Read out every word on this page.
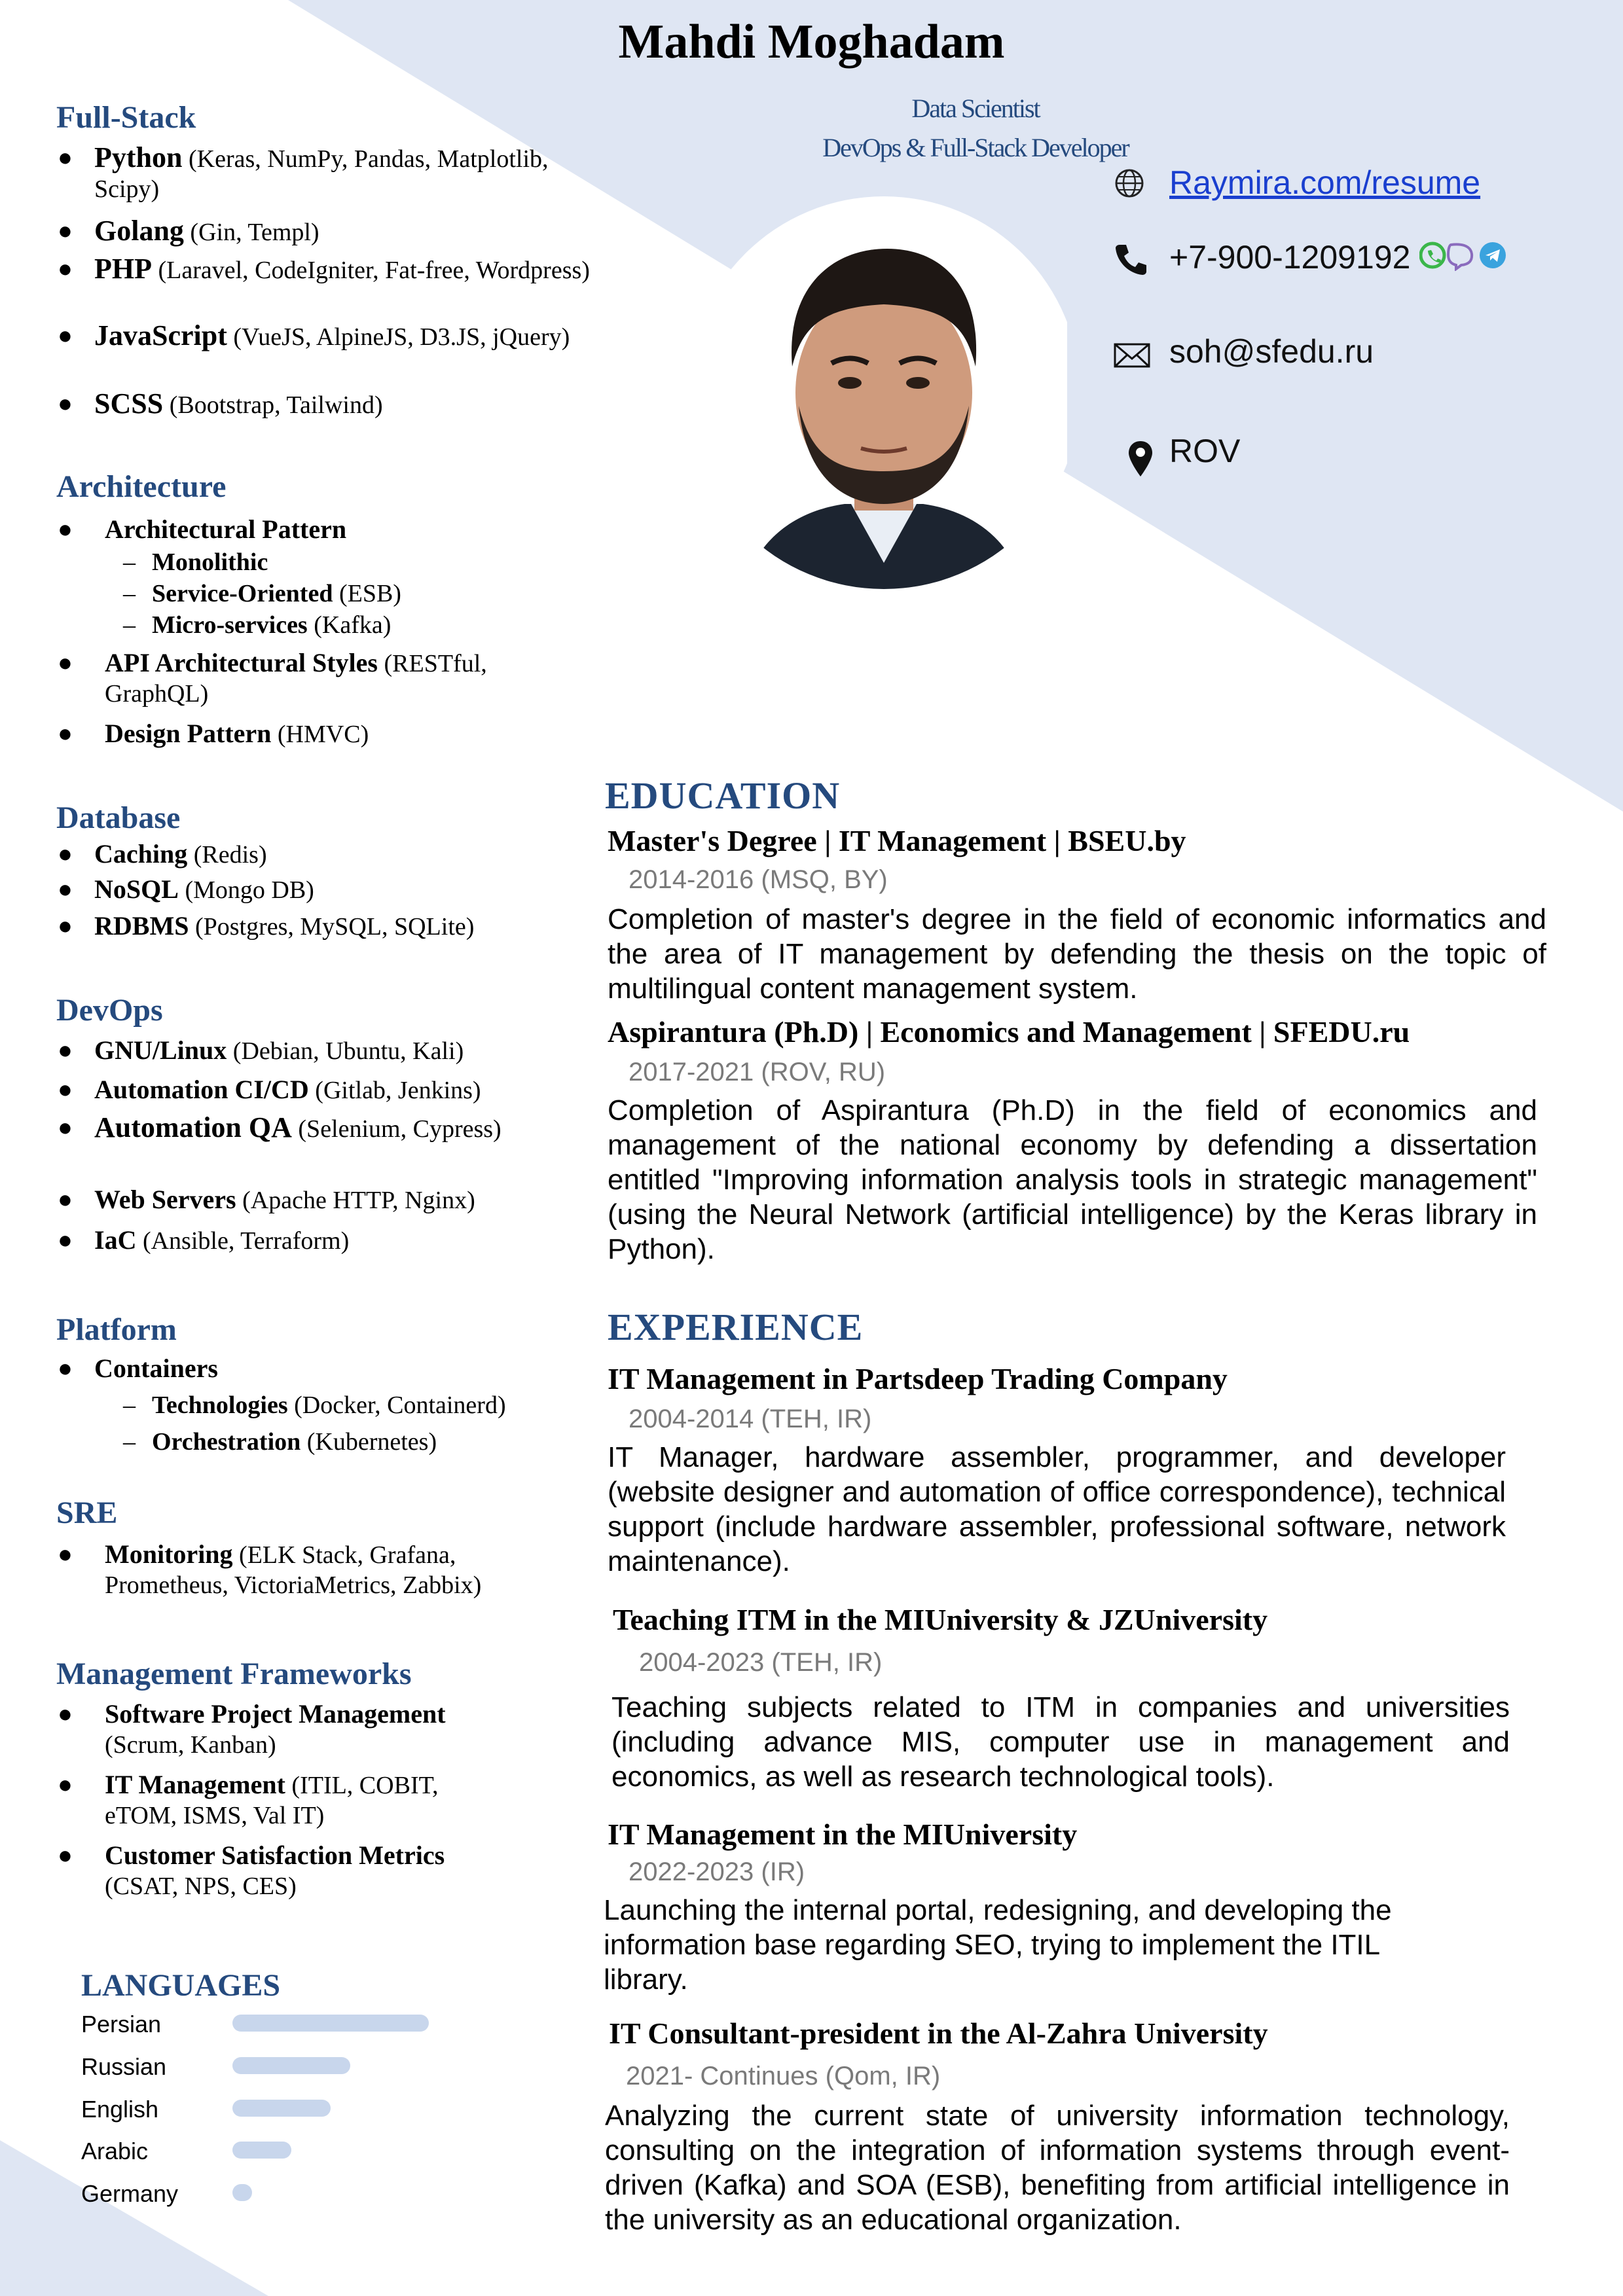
Mahdi Moghadam
Data Scientist
DevOps & Full-Stack Developer
Raymira.com/resume
+7-900-1209192
soh@sfedu.ru
ROV
Full-Stack
● Python (Keras, NumPy, Pandas, Matplotlib, Scipy)
● Golang (Gin, Templ)
● PHP (Laravel, CodeIgniter, Fat-free, Wordpress)
● JavaScript (VueJS, AlpineJS, D3.JS, jQuery)
● SCSS (Bootstrap, Tailwind)
Architecture
● Architectural Pattern
– Monolithic
– Service-Oriented (ESB)
– Micro-services (Kafka)
● API Architectural Styles (RESTful, GraphQL)
● Design Pattern (HMVC)
Database
● Caching (Redis)
● NoSQL (Mongo DB)
● RDBMS (Postgres, MySQL, SQLite)
DevOps
● GNU/Linux (Debian, Ubuntu, Kali)
● Automation CI/CD (Gitlab, Jenkins)
● Automation QA (Selenium, Cypress)
● Web Servers (Apache HTTP, Nginx)
● IaC (Ansible, Terraform)
Platform
● Containers
– Technologies (Docker, Containerd)
– Orchestration (Kubernetes)
SRE
● Monitoring (ELK Stack, Grafana, Prometheus, VictoriaMetrics, Zabbix)
Management Frameworks
● Software Project Management
(Scrum, Kanban)
● IT Management (ITIL, COBIT, eTOM, ISMS, Val IT)
● Customer Satisfaction Metrics
(CSAT, NPS, CES)
LANGUAGES
Persian
Russian
English
Arabic
Germany
EDUCATION
Master's Degree | IT Management | BSEU.by
2014-2016 (MSQ, BY)
Completion of master's degree in the field of economic informatics and the area of IT management by defending the thesis on the topic of multilingual content management system.
Aspirantura (Ph.D) | Economics and Management | SFEDU.ru
2017-2021 (ROV, RU)
Completion of Aspirantura (Ph.D) in the field of economics and management of the national economy by defending a dissertation entitled "Improving information analysis tools in strategic management" (using the Neural Network (artificial intelligence) by the Keras library in Python).
EXPERIENCE
IT Management in Partsdeep Trading Company
2004-2014 (TEH, IR)
IT Manager, hardware assembler, programmer, and developer (website designer and automation of office correspondence), technical support (include hardware assembler, professional software, network maintenance).
Teaching ITM in the MIUniversity & JZUniversity
2004-2023 (TEH, IR)
Teaching subjects related to ITM in companies and universities (including advance MIS, computer use in management and economics, as well as research technological tools).
IT Management in the MIUniversity
2022-2023 (IR)
Launching the internal portal, redesigning, and developing the information base regarding SEO, trying to implement the ITIL library.
IT Consultant-president in the Al-Zahra University
2021- Continues (Qom, IR)
Analyzing the current state of university information technology, consulting on the integration of information systems through event-driven (Kafka) and SOA (ESB), benefiting from artificial intelligence in the university as an educational organization.
